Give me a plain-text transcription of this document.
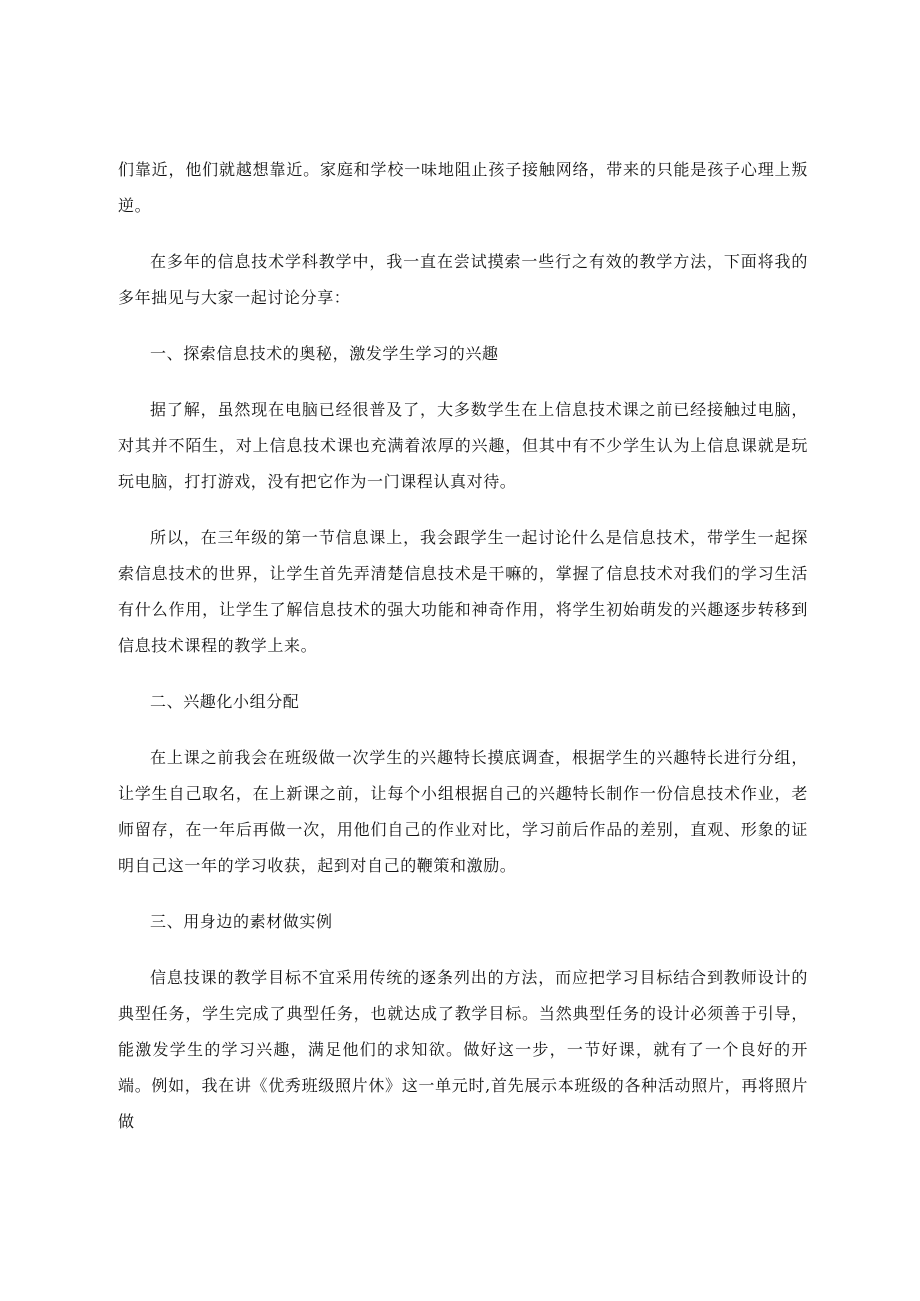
们靠近，他们就越想靠近。家庭和学校一味地阻止孩子接触网络，带来的只能是孩子心理上叛逆。

在多年的信息技术学科教学中，我一直在尝试摸索一些行之有效的教学方法，下面将我的多年拙见与大家一起讨论分享：

一、探索信息技术的奥秘，激发学生学习的兴趣

据了解，虽然现在电脑已经很普及了，大多数学生在上信息技术课之前已经接触过电脑，对其并不陌生，对上信息技术课也充满着浓厚的兴趣，但其中有不少学生认为上信息课就是玩玩电脑，打打游戏，没有把它作为一门课程认真对待。

所以，在三年级的第一节信息课上，我会跟学生一起讨论什么是信息技术，带学生一起探索信息技术的世界，让学生首先弄清楚信息技术是干嘛的，掌握了信息技术对我们的学习生活有什么作用，让学生了解信息技术的强大功能和神奇作用，将学生初始萌发的兴趣逐步转移到信息技术课程的教学上来。

二、兴趣化小组分配

在上课之前我会在班级做一次学生的兴趣特长摸底调查，根据学生的兴趣特长进行分组，让学生自己取名，在上新课之前，让每个小组根据自己的兴趣特长制作一份信息技术作业，老师留存，在一年后再做一次，用他们自己的作业对比，学习前后作品的差别，直观、形象的证明自己这一年的学习收获，起到对自己的鞭策和激励。

三、用身边的素材做实例

信息技课的教学目标不宜采用传统的逐条列出的方法，而应把学习目标结合到教师设计的典型任务，学生完成了典型任务，也就达成了教学目标。当然典型任务的设计必须善于引导，能激发学生的学习兴趣，满足他们的求知欲。做好这一步，一节好课，就有了一个良好的开端。例如，我在讲《优秀班级照片休》这一单元时,首先展示本班级的各种活动照片，再将照片做
